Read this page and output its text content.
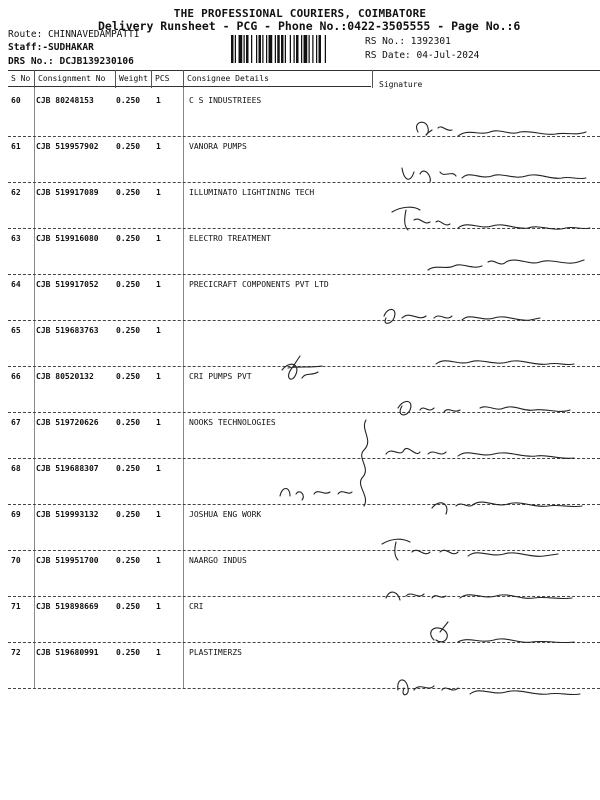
THE PROFESSIONAL COURIERS, COIMBATORE
Delivery Runsheet - PCG - Phone No.:0422-3505555 - Page No.:6
Route: CHINNAVEDAMPATTI
Staff:-SUDHAKAR
DRS No.: DCJB139230106
RS No.: 1392301
RS Date: 04-Jul-2024
S No Consignment No Weight PCS Consignee Details
Signature
60 CJB 80248153	0.250 1	C S INDUSTRIEES
61 CJB 519957902 0.250 1	VANORA PUMPS
62 CJB 519917089 0.250 1	ILLUMINATO LIGHTINING TECH
63 CJB 519916080 0.250 1	ELECTRO TREATMENT
64 CJB 519917052 0.250 1	PRECICRAFT COMPONENTS PVT LTD
65 CJB 519683763 0.250 1
66 CJB 80520132	0.250 1	CRI PUMPS PVT
67 CJB 519720626 0.250 1	NOOKS TECHNOLOGIES
68 CJB 519688307 0.250 1
69 CJB 519993132 0.250 1	JOSHUA ENG WORK
70 CJB 519951700 0.250 1	NAARGO INDUS
71 CJB 519898669 0.250 1	CRI
72 CJB 519680991 0.250 1	PLASTIMERZS
